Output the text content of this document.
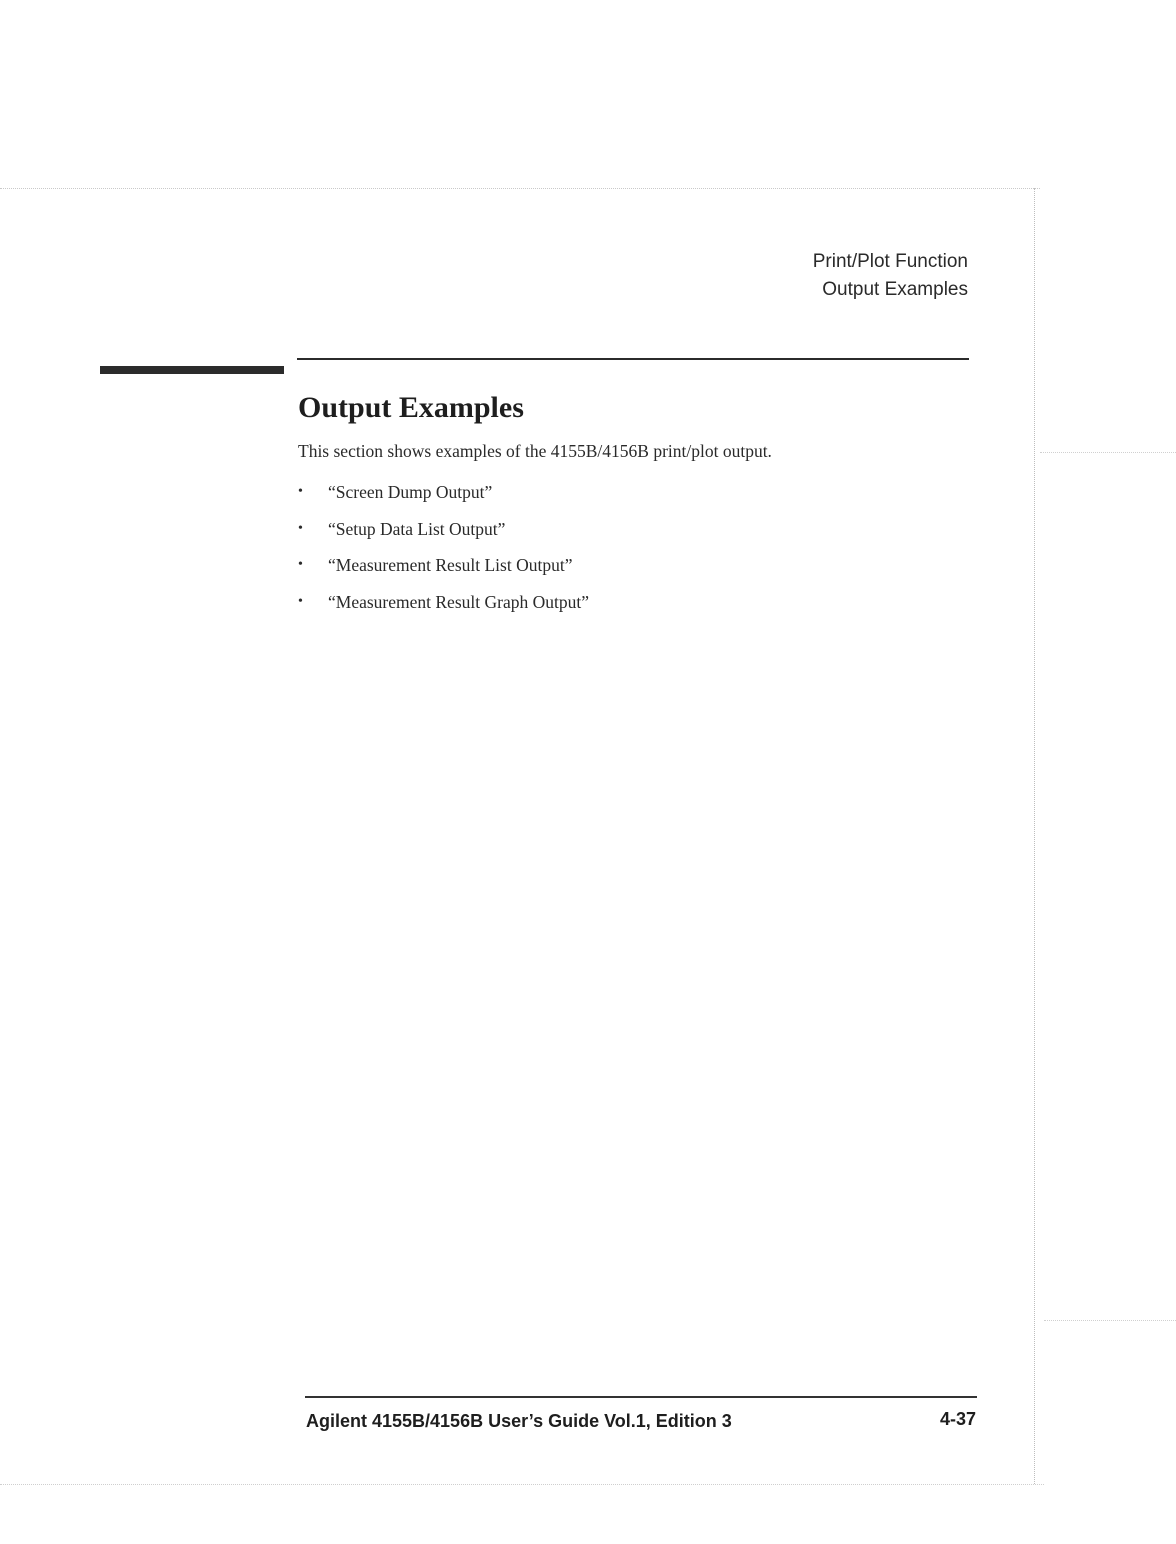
Print/Plot Function
Output Examples
Output Examples
This section shows examples of the 4155B/4156B print/plot output.
•	“Screen Dump Output”
•	“Setup Data List Output”
•	“Measurement Result List Output”
•	“Measurement Result Graph Output”
Agilent 4155B/4156B User’s Guide Vol.1, Edition 3	4-37
